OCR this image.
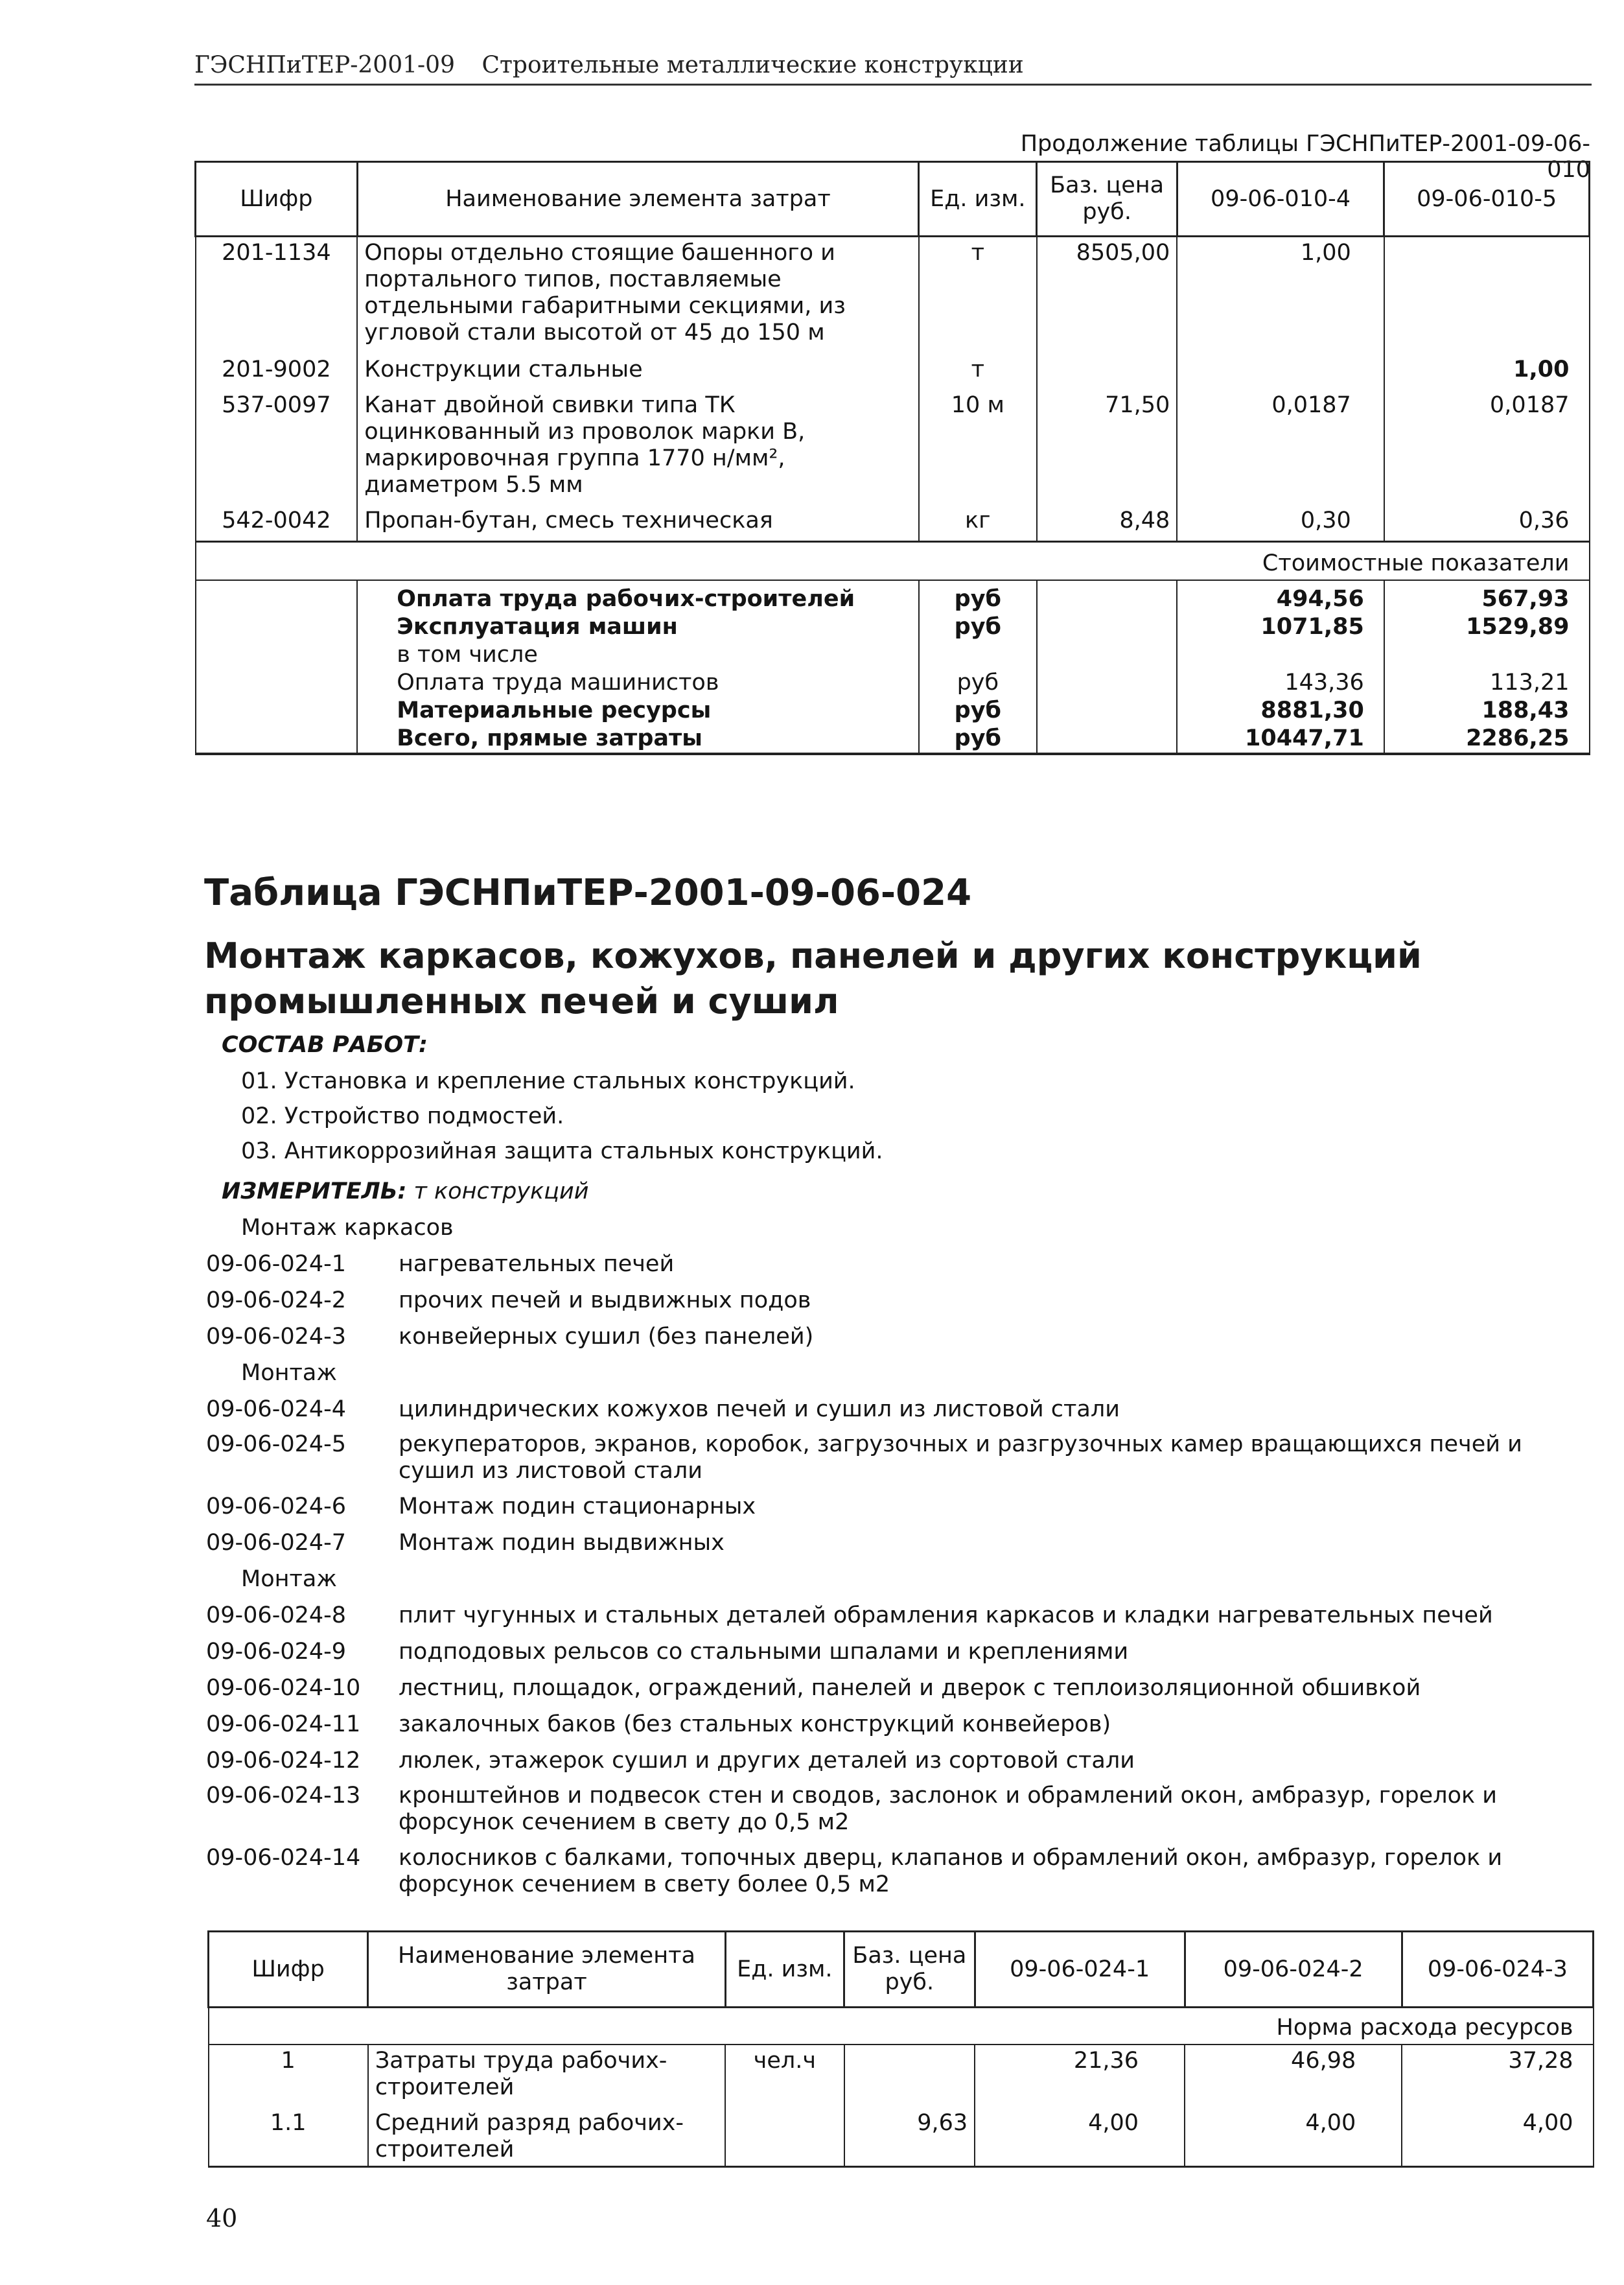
ГЭСНПиТЕР-2001-09 Строительные металлические конструкции
Продолжение таблицы ГЭСНПиТЕР-2001-09-06-010
Шифр	Наименование элемента затрат	Ед. изм.	Баз. цена руб.	09-06-010-4	09-06-010-5
201-1134	Опоры отдельно стоящие башенного и портального типов, поставляемые отдельными габаритными секциями, из угловой стали высотой от 45 до 150 м	т	8505,00	1,00	
201-9002	Конструкции стальные	т			1,00
537-0097	Канат двойной свивки типа ТК оцинкованный из проволок марки В, маркировочная группа 1770 н/мм², диаметром 5.5 мм	10 м	71,50	0,0187	0,0187
542-0042	Пропан-бутан, смесь техническая	кг	8,48	0,30	0,36
Стоимостные показатели					
	Оплата труда рабочих-строителей	руб		494,56	567,93
	Эксплуатация машин	руб		1071,85	1529,89
	в том числе				
	Оплата труда машинистов	руб		143,36	113,21
	Материальные ресурсы	руб		8881,30	188,43
	Всего, прямые затраты	руб		10447,71	2286,25
Таблица ГЭСНПиТЕР-2001-09-06-024
Монтаж каркасов, кожухов, панелей и других конструкций промышленных печей и сушил
СОСТАВ РАБОТ:
01. Установка и крепление стальных конструкций.
02. Устройство подмостей.
03. Антикоррозийная защита стальных конструкций.
ИЗМЕРИТЕЛЬ: т конструкций
Монтаж каркасов
09-06-024-1 нагревательных печей
09-06-024-2 прочих печей и выдвижных подов
09-06-024-3 конвейерных сушил (без панелей)
Монтаж
09-06-024-4 цилиндрических кожухов печей и сушил из листовой стали
09-06-024-5 рекуператоров, экранов, коробок, загрузочных и разгрузочных камер вращающихся печей и сушил из листовой стали
09-06-024-6 Монтаж подин стационарных
09-06-024-7 Монтаж подин выдвижных
Монтаж
09-06-024-8 плит чугунных и стальных деталей обрамления каркасов и кладки нагревательных печей
09-06-024-9 подподовых рельсов со стальными шпалами и креплениями
09-06-024-10 лестниц, площадок, ограждений, панелей и дверок с теплоизоляционной обшивкой
09-06-024-11 закалочных баков (без стальных конструкций конвейеров)
09-06-024-12 люлек, этажерок сушил и других деталей из сортовой стали
09-06-024-13 кронштейнов и подвесок стен и сводов, заслонок и обрамлений окон, амбразур, горелок и форсунок сечением в свету до 0,5 м2
09-06-024-14 колосников с балками, топочных дверц, клапанов и обрамлений окон, амбразур, горелок и форсунок сечением в свету более 0,5 м2
Шифр	Наименование элемента затрат	Ед. изм.	Баз. цена руб.	09-06-024-1	09-06-024-2	09-06-024-3
Норма расхода ресурсов						
1	Затраты труда рабочих-строителей	чел.ч		21,36	46,98	37,28
1.1	Средний разряд рабочих-строителей		9,63	4,00	4,00	4,00
40
